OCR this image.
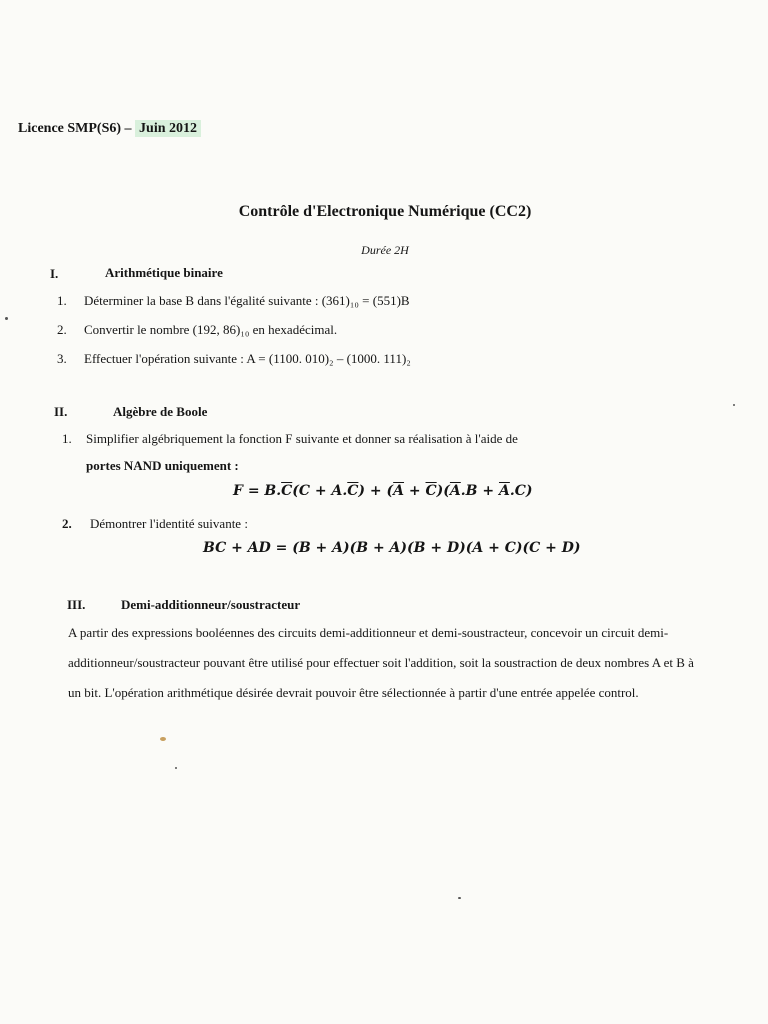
Licence SMP(S6) – Juin 2012
Contrôle d'Electronique Numérique (CC2)
Durée 2H
I.	Arithmétique binaire
1. Déterminer la base B dans l'égalité suivante : (361)₁₀ = (551)B
2. Convertir le nombre (192, 86)₁₀ en hexadécimal.
3. Effectuer l'opération suivante : A = (1100. 010)₂ – (1000. 111)₂
II.	Algèbre de Boole
1. Simplifier algébriquement la fonction F suivante et donner sa réalisation à l'aide de
portes NAND uniquement :
$F = B.\overline{C}(C + A.\overline{C}) + (\overline{A} + \overline{C})(\overline{A}.B + \overline{A}.C)$
2. Démontrer l'identité suivante :
BC + AD = (B + A)(B + A)(B + D)(A + C)(C + D)
III.	Demi-additionneur/soustracteur
A partir des expressions booléennes des circuits demi-additionneur et demi-soustracteur, concevoir un circuit demi-additionneur/soustracteur pouvant être utilisé pour effectuer soit l'addition, soit la soustraction de deux nombres A et B à un bit. L'opération arithmétique désirée devrait pouvoir être sélectionnée à partir d'une entrée appelée control.
